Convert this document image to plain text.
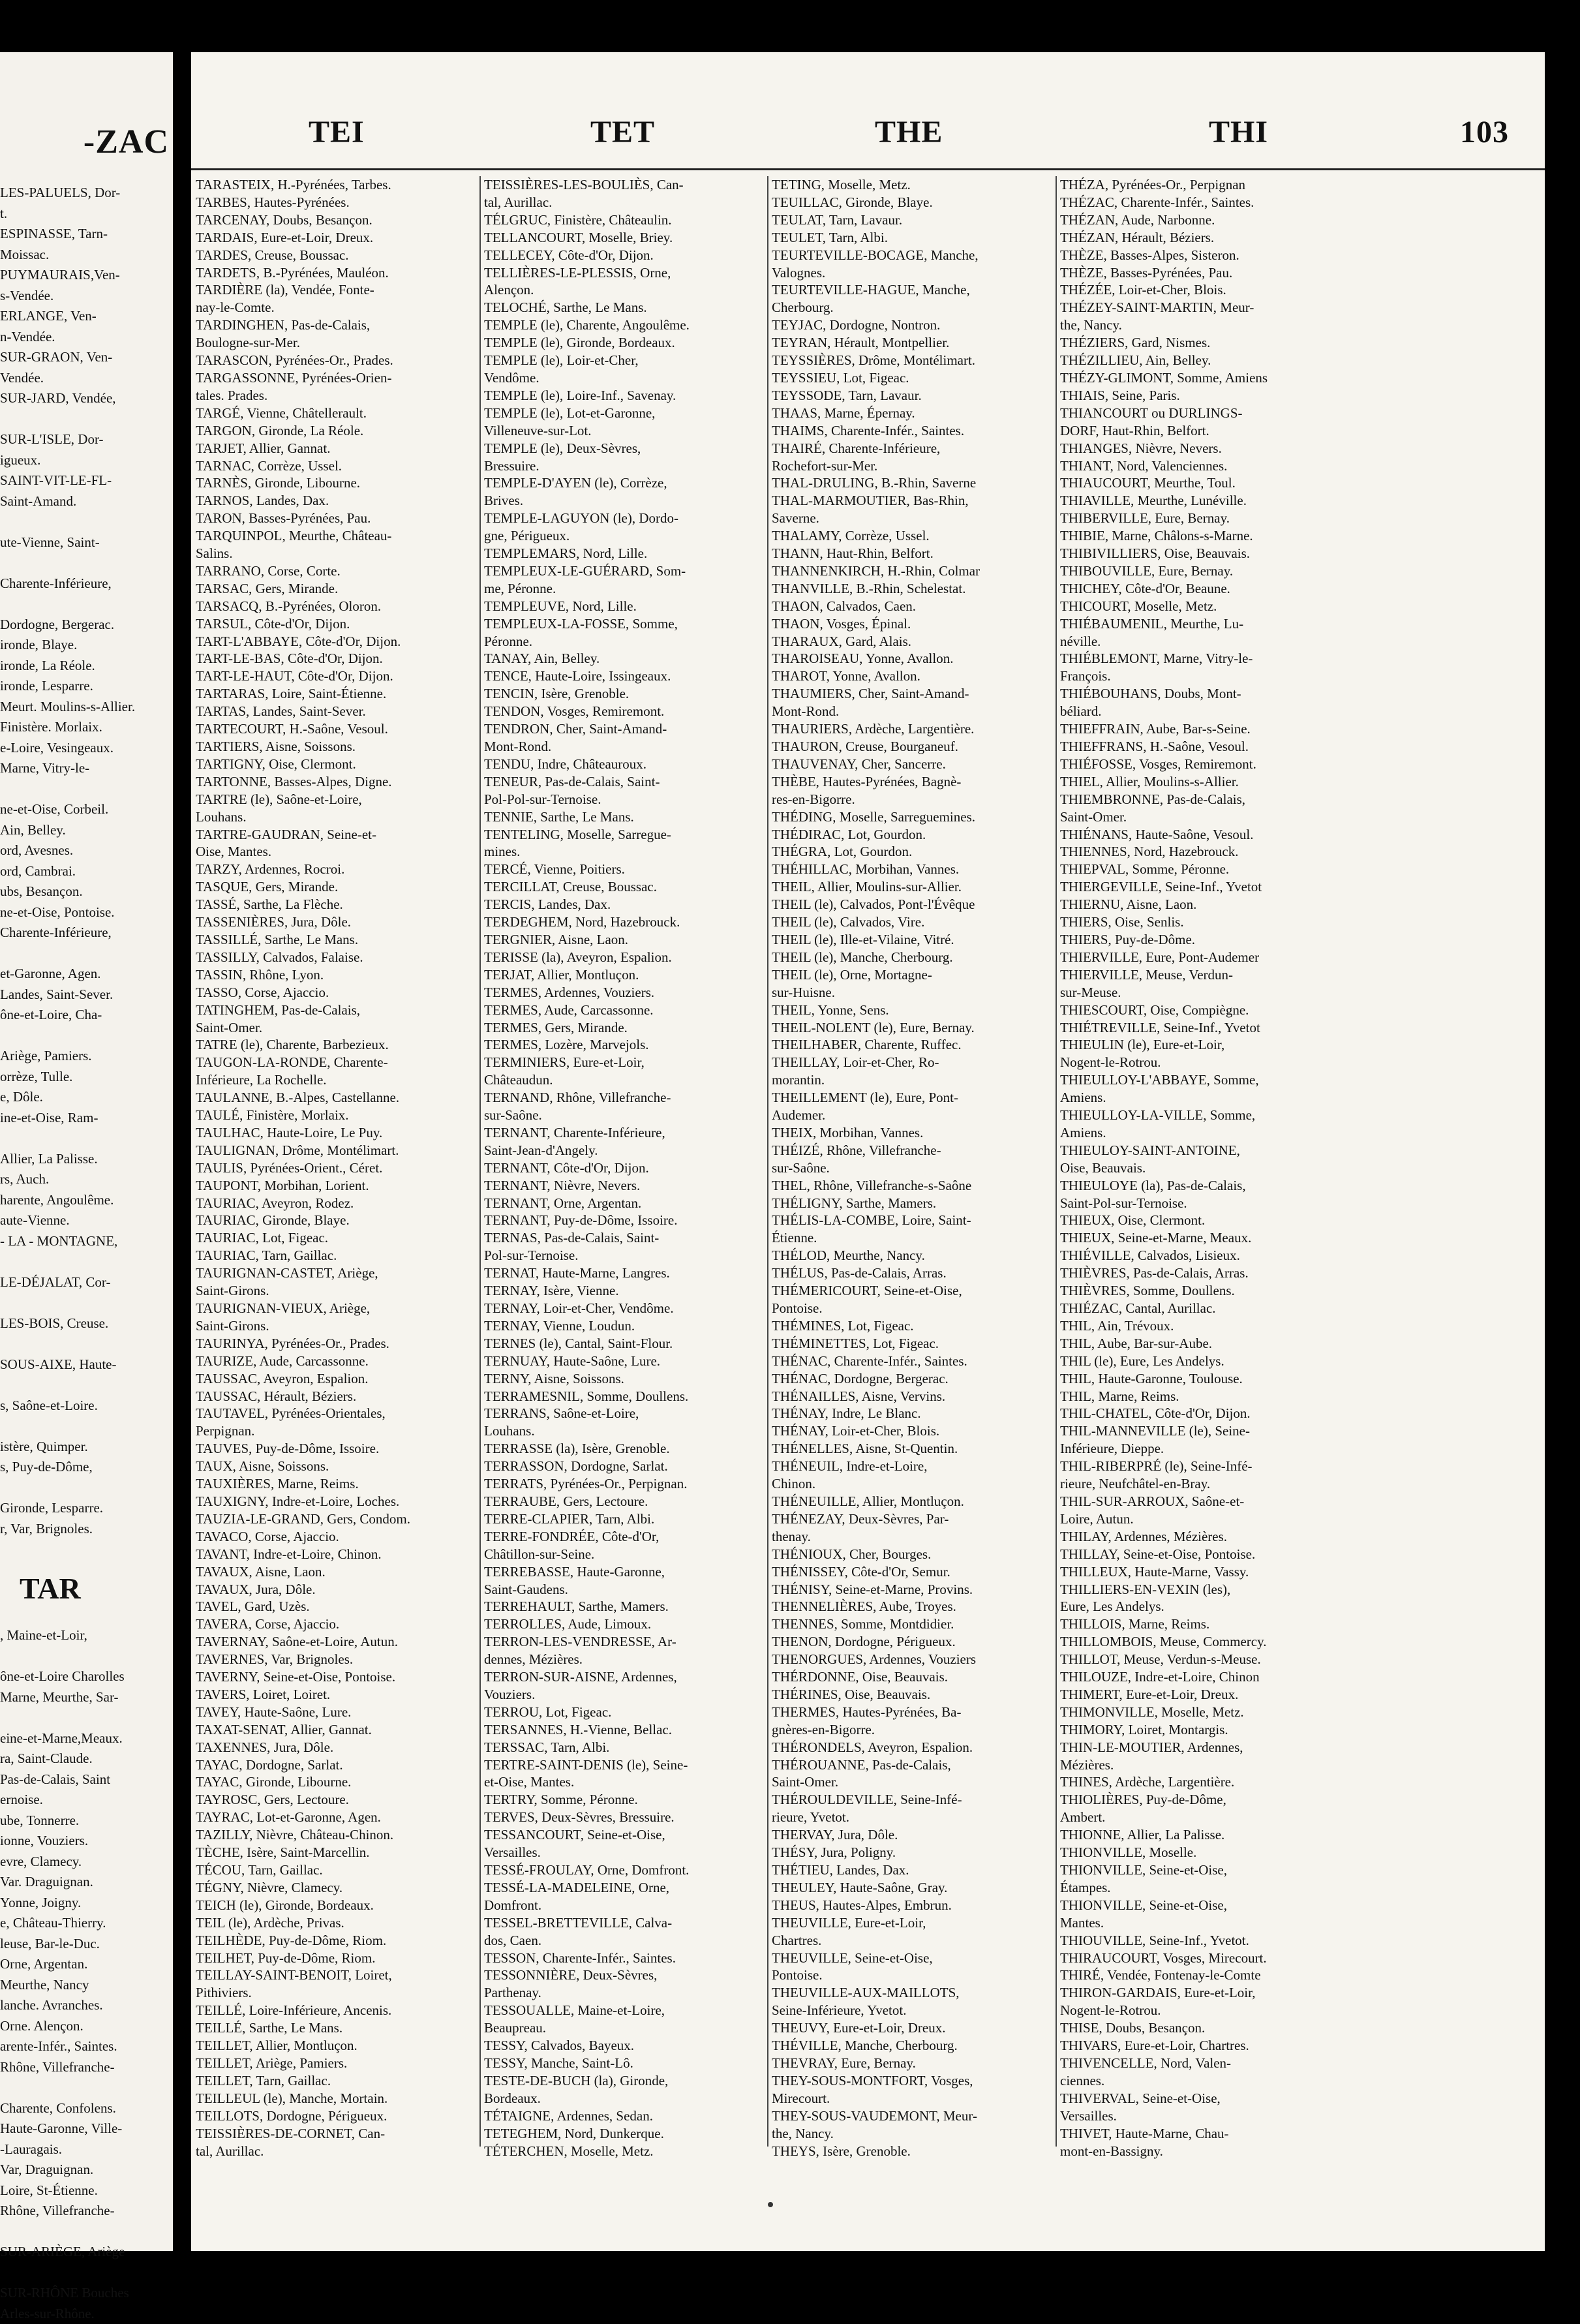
-ZAC
LES-PALUELS, Dor-
t.
ESPINASSE, Tarn-
Moissac.
PUYMAURAIS,Ven-
s-Vendée.
ERLANGE, Ven-
n-Vendée.
SUR-GRAON, Ven-
Vendée.
SUR-JARD, Vendée,
SUR-L'ISLE, Dor-
igueux.
SAINT-VIT-LE-FL-
Saint-Amand.
ute-Vienne, Saint-
Charente-Inférieure,
Dordogne, Bergerac.
ironde, Blaye.
ironde, La Réole.
ironde, Lesparre.
Meurt. Moulins-s-Allier.
Finistère. Morlaix.
e-Loire, Vesingeaux.
Marne, Vitry-le-
ne-et-Oise, Corbeil.
Ain, Belley.
ord, Avesnes.
ord, Cambrai.
ubs, Besançon.
ne-et-Oise, Pontoise.
Charente-Inférieure,
et-Garonne, Agen.
Landes, Saint-Sever.
ône-et-Loire, Cha-
Ariège, Pamiers.
orrèze, Tulle.
e, Dôle.
ine-et-Oise, Ram-
Allier, La Palisse.
rs, Auch.
harente, Angoulême.
aute-Vienne.
- LA - MONTAGNE,
LE-DÉJALAT, Cor-
LES-BOIS, Creuse.
SOUS-AIXE, Haute-
s, Saône-et-Loire.
istère, Quimper.
s, Puy-de-Dôme,
Gironde, Lesparre.
r, Var, Brignoles.
TAR
, Maine-et-Loir,
ône-et-Loire Charolles
Marne, Meurthe, Sar-
eine-et-Marne,Meaux.
ra, Saint-Claude.
Pas-de-Calais, Saint
ernoise.
ube, Tonnerre.
ionne, Vouziers.
evre, Clamecy.
Var. Draguignan.
Yonne, Joigny.
e, Château-Thierry.
leuse, Bar-le-Duc.
Orne, Argentan.
Meurthe, Nancy
lanche. Avranches.
Orne. Alençon.
arente-Infér., Saintes.
Rhône, Villefranche-
Charente, Confolens.
Haute-Garonne, Ville-
-Lauragais.
Var, Draguignan.
Loire, St-Étienne.
Rhône, Villefranche-
SUR-ARIÈGE, Ariège
SUR-RHÔNE Bouches
Arles-sur-Rhône.
TEI	TET	THE	THI	103
TARASTEIX, H.-Pyrénées, Tarbes.
TARBES, Hautes-Pyrénées.
TARCENAY, Doubs, Besançon.
TARDAIS, Eure-et-Loir, Dreux.
TARDES, Creuse, Boussac.
TARDETS, B.-Pyrénées, Mauléon.
TARDIÈRE (la), Vendée, Fonte-
nay-le-Comte.
TARDINGHEN, Pas-de-Calais,
Boulogne-sur-Mer.
TARASCON, Pyrénées-Or., Prades.
TARGASSONNE, Pyrénées-Orien-
tales. Prades.
TARGÉ, Vienne, Châtellerault.
TARGON, Gironde, La Réole.
TARJET, Allier, Gannat.
TARNAC, Corrèze, Ussel.
TARNÈS, Gironde, Libourne.
TARNOS, Landes, Dax.
TARON, Basses-Pyrénées, Pau.
TARQUINPOL, Meurthe, Château-
Salins.
TARRANO, Corse, Corte.
TARSAC, Gers, Mirande.
TARSACQ, B.-Pyrénées, Oloron.
TARSUL, Côte-d'Or, Dijon.
TART-L'ABBAYE, Côte-d'Or, Dijon.
TART-LE-BAS, Côte-d'Or, Dijon.
TART-LE-HAUT, Côte-d'Or, Dijon.
TARTARAS, Loire, Saint-Étienne.
TARTAS, Landes, Saint-Sever.
TARTECOURT, H.-Saône, Vesoul.
TARTIERS, Aisne, Soissons.
TARTIGNY, Oise, Clermont.
TARTONNE, Basses-Alpes, Digne.
TARTRE (le), Saône-et-Loire,
Louhans.
TARTRE-GAUDRAN, Seine-et-
Oise, Mantes.
TARZY, Ardennes, Rocroi.
TASQUE, Gers, Mirande.
TASSÉ, Sarthe, La Flèche.
TASSENIÈRES, Jura, Dôle.
TASSILLÉ, Sarthe, Le Mans.
TASSILLY, Calvados, Falaise.
TASSIN, Rhône, Lyon.
TASSO, Corse, Ajaccio.
TATINGHEM, Pas-de-Calais,
Saint-Omer.
TATRE (le), Charente, Barbezieux.
TAUGON-LA-RONDE, Charente-
Inférieure, La Rochelle.
TAULANNE, B.-Alpes, Castellanne.
TAULÉ, Finistère, Morlaix.
TAULHAC, Haute-Loire, Le Puy.
TAULIGNAN, Drôme, Montélimart.
TAULIS, Pyrénées-Orient., Céret.
TAUPONT, Morbihan, Lorient.
TAURIAC, Aveyron, Rodez.
TAURIAC, Gironde, Blaye.
TAURIAC, Lot, Figeac.
TAURIAC, Tarn, Gaillac.
TAURIGNAN-CASTET, Ariège,
Saint-Girons.
TAURIGNAN-VIEUX, Ariège,
Saint-Girons.
TAURINYA, Pyrénées-Or., Prades.
TAURIZE, Aude, Carcassonne.
TAUSSAC, Aveyron, Espalion.
TAUSSAC, Hérault, Béziers.
TAUTAVEL, Pyrénées-Orientales,
Perpignan.
TAUVES, Puy-de-Dôme, Issoire.
TAUX, Aisne, Soissons.
TAUXIÈRES, Marne, Reims.
TAUXIGNY, Indre-et-Loire, Loches.
TAUZIA-LE-GRAND, Gers, Condom.
TAVACO, Corse, Ajaccio.
TAVANT, Indre-et-Loire, Chinon.
TAVAUX, Aisne, Laon.
TAVAUX, Jura, Dôle.
TAVEL, Gard, Uzès.
TAVERA, Corse, Ajaccio.
TAVERNAY, Saône-et-Loire, Autun.
TAVERNES, Var, Brignoles.
TAVERNY, Seine-et-Oise, Pontoise.
TAVERS, Loiret, Loiret.
TAVEY, Haute-Saône, Lure.
TAXAT-SENAT, Allier, Gannat.
TAXENNES, Jura, Dôle.
TAYAC, Dordogne, Sarlat.
TAYAC, Gironde, Libourne.
TAYROSC, Gers, Lectoure.
TAYRAC, Lot-et-Garonne, Agen.
TAZILLY, Nièvre, Château-Chinon.
TÈCHE, Isère, Saint-Marcellin.
TÉCOU, Tarn, Gaillac.
TÉGNY, Nièvre, Clamecy.
TEICH (le), Gironde, Bordeaux.
TEIL (le), Ardèche, Privas.
TEILHÈDE, Puy-de-Dôme, Riom.
TEILHET, Puy-de-Dôme, Riom.
TEILLAY-SAINT-BENOIT, Loiret,
Pithiviers.
TEILLÉ, Loire-Inférieure, Ancenis.
TEILLÉ, Sarthe, Le Mans.
TEILLET, Allier, Montluçon.
TEILLET, Ariège, Pamiers.
TEILLET, Tarn, Gaillac.
TEILLEUL (le), Manche, Mortain.
TEILLOTS, Dordogne, Périgueux.
TEISSIÈRES-DE-CORNET, Can-
tal, Aurillac.
TEISSIÈRES-LES-BOULIÈS, Can-
tal, Aurillac.
TÉLGRUC, Finistère, Châteaulin.
TELLANCOURT, Moselle, Briey.
TELLECEY, Côte-d'Or, Dijon.
TELLIÈRES-LE-PLESSIS, Orne,
Alençon.
TELOCHÉ, Sarthe, Le Mans.
TEMPLE (le), Charente, Angoulême.
TEMPLE (le), Gironde, Bordeaux.
TEMPLE (le), Loir-et-Cher,
Vendôme.
TEMPLE (le), Loire-Inf., Savenay.
TEMPLE (le), Lot-et-Garonne,
Villeneuve-sur-Lot.
TEMPLE (le), Deux-Sèvres,
Bressuire.
TEMPLE-D'AYEN (le), Corrèze,
Brives.
TEMPLE-LAGUYON (le), Dordo-
gne, Périgueux.
TEMPLEMARS, Nord, Lille.
TEMPLEUX-LE-GUÉRARD, Som-
me, Péronne.
TEMPLEUVE, Nord, Lille.
TEMPLEUX-LA-FOSSE, Somme,
Péronne.
TANAY, Ain, Belley.
TENCE, Haute-Loire, Issingeaux.
TENCIN, Isère, Grenoble.
TENDON, Vosges, Remiremont.
TENDRON, Cher, Saint-Amand-
Mont-Rond.
TENDU, Indre, Châteauroux.
TENEUR, Pas-de-Calais, Saint-
Pol-Pol-sur-Ternoise.
TENNIE, Sarthe, Le Mans.
TENTELING, Moselle, Sarregue-
mines.
TERCÉ, Vienne, Poitiers.
TERCILLAT, Creuse, Boussac.
TERCIS, Landes, Dax.
TERDEGHEM, Nord, Hazebrouck.
TERGNIER, Aisne, Laon.
TERISSE (la), Aveyron, Espalion.
TERJAT, Allier, Montluçon.
TERMES, Ardennes, Vouziers.
TERMES, Aude, Carcassonne.
TERMES, Gers, Mirande.
TERMES, Lozère, Marvejols.
TERMINIERS, Eure-et-Loir,
Châteaudun.
TERNAND, Rhône, Villefranche-
sur-Saône.
TERNANT, Charente-Inférieure,
Saint-Jean-d'Angely.
TERNANT, Côte-d'Or, Dijon.
TERNANT, Nièvre, Nevers.
TERNANT, Orne, Argentan.
TERNANT, Puy-de-Dôme, Issoire.
TERNAS, Pas-de-Calais, Saint-
Pol-sur-Ternoise.
TERNAT, Haute-Marne, Langres.
TERNAY, Isère, Vienne.
TERNAY, Loir-et-Cher, Vendôme.
TERNAY, Vienne, Loudun.
TERNES (le), Cantal, Saint-Flour.
TERNUAY, Haute-Saône, Lure.
TERNY, Aisne, Soissons.
TERRAMESNIL, Somme, Doullens.
TERRANS, Saône-et-Loire,
Louhans.
TERRASSE (la), Isère, Grenoble.
TERRASSON, Dordogne, Sarlat.
TERRATS, Pyrénées-Or., Perpignan.
TERRAUBE, Gers, Lectoure.
TERRE-CLAPIER, Tarn, Albi.
TERRE-FONDRÉE, Côte-d'Or,
Châtillon-sur-Seine.
TERREBASSE, Haute-Garonne,
Saint-Gaudens.
TERREHAULT, Sarthe, Mamers.
TERROLLES, Aude, Limoux.
TERRON-LES-VENDRESSE, Ar-
dennes, Mézières.
TERRON-SUR-AISNE, Ardennes,
Vouziers.
TERROU, Lot, Figeac.
TERSANNES, H.-Vienne, Bellac.
TERSSAC, Tarn, Albi.
TERTRE-SAINT-DENIS (le), Seine-
et-Oise, Mantes.
TERTRY, Somme, Péronne.
TERVES, Deux-Sèvres, Bressuire.
TESSANCOURT, Seine-et-Oise,
Versailles.
TESSÉ-FROULAY, Orne, Domfront.
TESSÉ-LA-MADELEINE, Orne,
Domfront.
TESSEL-BRETTEVILLE, Calva-
dos, Caen.
TESSON, Charente-Infér., Saintes.
TESSONNIÈRE, Deux-Sèvres,
Parthenay.
TESSOUALLE, Maine-et-Loire,
Beaupreau.
TESSY, Calvados, Bayeux.
TESSY, Manche, Saint-Lô.
TESTE-DE-BUCH (la), Gironde,
Bordeaux.
TÉTAIGNE, Ardennes, Sedan.
TETEGHEM, Nord, Dunkerque.
TÉTERCHEN, Moselle, Metz.
TETING, Moselle, Metz.
TEUILLAC, Gironde, Blaye.
TEULAT, Tarn, Lavaur.
TEULET, Tarn, Albi.
TEURTEVILLE-BOCAGE, Manche,
Valognes.
TEURTEVILLE-HAGUE, Manche,
Cherbourg.
TEYJAC, Dordogne, Nontron.
TEYRAN, Hérault, Montpellier.
TEYSSIÈRES, Drôme, Montélimart.
TEYSSIEU, Lot, Figeac.
TEYSSODE, Tarn, Lavaur.
THAAS, Marne, Épernay.
THAIMS, Charente-Infér., Saintes.
THAIRÉ, Charente-Inférieure,
Rochefort-sur-Mer.
THAL-DRULING, B.-Rhin, Saverne
THAL-MARMOUTIER, Bas-Rhin,
Saverne.
THALAMY, Corrèze, Ussel.
THANN, Haut-Rhin, Belfort.
THANNENKIRCH, H.-Rhin, Colmar
THANVILLE, B.-Rhin, Schelestat.
THAON, Calvados, Caen.
THAON, Vosges, Épinal.
THARAUX, Gard, Alais.
THAROISEAU, Yonne, Avallon.
THAROT, Yonne, Avallon.
THAUMIERS, Cher, Saint-Amand-
Mont-Rond.
THAURIERS, Ardèche, Largentière.
THAURON, Creuse, Bourganeuf.
THAUVENAY, Cher, Sancerre.
THÈBE, Hautes-Pyrénées, Bagnè-
res-en-Bigorre.
THÉDING, Moselle, Sarreguemines.
THÉDIRAC, Lot, Gourdon.
THÉGRA, Lot, Gourdon.
THÉHILLAC, Morbihan, Vannes.
THEIL, Allier, Moulins-sur-Allier.
THEIL (le), Calvados, Pont-l'Évêque
THEIL (le), Calvados, Vire.
THEIL (le), Ille-et-Vilaine, Vitré.
THEIL (le), Manche, Cherbourg.
THEIL (le), Orne, Mortagne-
sur-Huisne.
THEIL, Yonne, Sens.
THEIL-NOLENT (le), Eure, Bernay.
THEILHABER, Charente, Ruffec.
THEILLAY, Loir-et-Cher, Ro-
morantin.
THEILLEMENT (le), Eure, Pont-
Audemer.
THEIX, Morbihan, Vannes.
THÉIZÉ, Rhône, Villefranche-
sur-Saône.
THEL, Rhône, Villefranche-s-Saône
THÉLIGNY, Sarthe, Mamers.
THÉLIS-LA-COMBE, Loire, Saint-
Étienne.
THÉLOD, Meurthe, Nancy.
THÉLUS, Pas-de-Calais, Arras.
THÉMERICOURT, Seine-et-Oise,
Pontoise.
THÉMINES, Lot, Figeac.
THÉMINETTES, Lot, Figeac.
THÉNAC, Charente-Infér., Saintes.
THÉNAC, Dordogne, Bergerac.
THÉNAILLES, Aisne, Vervins.
THÉNAY, Indre, Le Blanc.
THÉNAY, Loir-et-Cher, Blois.
THÉNELLES, Aisne, St-Quentin.
THÉNEUIL, Indre-et-Loire,
Chinon.
THÉNEUILLE, Allier, Montluçon.
THÉNEZAY, Deux-Sèvres, Par-
thenay.
THÉNIOUX, Cher, Bourges.
THÉNISSEY, Côte-d'Or, Semur.
THÉNISY, Seine-et-Marne, Provins.
THENNELIÈRES, Aube, Troyes.
THENNES, Somme, Montdidier.
THENON, Dordogne, Périgueux.
THENORGUES, Ardennes, Vouziers
THÉRDONNE, Oise, Beauvais.
THÉRINES, Oise, Beauvais.
THERMES, Hautes-Pyrénées, Ba-
gnères-en-Bigorre.
THÉRONDELS, Aveyron, Espalion.
THÉROUANNE, Pas-de-Calais,
Saint-Omer.
THÉROULDEVILLE, Seine-Infé-
rieure, Yvetot.
THERVAY, Jura, Dôle.
THÉSY, Jura, Poligny.
THÉTIEU, Landes, Dax.
THEULEY, Haute-Saône, Gray.
THEUS, Hautes-Alpes, Embrun.
THEUVILLE, Eure-et-Loir,
Chartres.
THEUVILLE, Seine-et-Oise,
Pontoise.
THEUVILLE-AUX-MAILLOTS,
Seine-Inférieure, Yvetot.
THEUVY, Eure-et-Loir, Dreux.
THÉVILLE, Manche, Cherbourg.
THEVRAY, Eure, Bernay.
THEY-SOUS-MONTFORT, Vosges,
Mirecourt.
THEY-SOUS-VAUDEMONT, Meur-
the, Nancy.
THEYS, Isère, Grenoble.
THÉZA, Pyrénées-Or., Perpignan
THÉZAC, Charente-Infér., Saintes.
THÉZAN, Aude, Narbonne.
THÉZAN, Hérault, Béziers.
THÈZE, Basses-Alpes, Sisteron.
THÈZE, Basses-Pyrénées, Pau.
THÉZÉE, Loir-et-Cher, Blois.
THÉZEY-SAINT-MARTIN, Meur-
the, Nancy.
THÉZIERS, Gard, Nismes.
THÉZILLIEU, Ain, Belley.
THÉZY-GLIMONT, Somme, Amiens
THIAIS, Seine, Paris.
THIANCOURT ou DURLINGS-
DORF, Haut-Rhin, Belfort.
THIANGES, Nièvre, Nevers.
THIANT, Nord, Valenciennes.
THIAUCOURT, Meurthe, Toul.
THIAVILLE, Meurthe, Lunéville.
THIBERVILLE, Eure, Bernay.
THIBIE, Marne, Châlons-s-Marne.
THIBIVILLIERS, Oise, Beauvais.
THIBOUVILLE, Eure, Bernay.
THICHEY, Côte-d'Or, Beaune.
THICOURT, Moselle, Metz.
THIÉBAUMENIL, Meurthe, Lu-
néville.
THIÉBLEMONT, Marne, Vitry-le-
François.
THIÉBOUHANS, Doubs, Mont-
béliard.
THIEFFRAIN, Aube, Bar-s-Seine.
THIEFFRANS, H.-Saône, Vesoul.
THIÉFOSSE, Vosges, Remiremont.
THIEL, Allier, Moulins-s-Allier.
THIEMBRONNE, Pas-de-Calais,
Saint-Omer.
THIÉNANS, Haute-Saône, Vesoul.
THIENNES, Nord, Hazebrouck.
THIEPVAL, Somme, Péronne.
THIERGEVILLE, Seine-Inf., Yvetot
THIERNU, Aisne, Laon.
THIERS, Oise, Senlis.
THIERS, Puy-de-Dôme.
THIERVILLE, Eure, Pont-Audemer
THIERVILLE, Meuse, Verdun-
sur-Meuse.
THIESCOURT, Oise, Compiègne.
THIÉTREVILLE, Seine-Inf., Yvetot
THIEULIN (le), Eure-et-Loir,
Nogent-le-Rotrou.
THIEULLOY-L'ABBAYE, Somme,
Amiens.
THIEULLOY-LA-VILLE, Somme,
Amiens.
THIEULOY-SAINT-ANTOINE,
Oise, Beauvais.
THIEULOYE (la), Pas-de-Calais,
Saint-Pol-sur-Ternoise.
THIEUX, Oise, Clermont.
THIEUX, Seine-et-Marne, Meaux.
THIÉVILLE, Calvados, Lisieux.
THIÈVRES, Pas-de-Calais, Arras.
THIÈVRES, Somme, Doullens.
THIÉZAC, Cantal, Aurillac.
THIL, Ain, Trévoux.
THIL, Aube, Bar-sur-Aube.
THIL (le), Eure, Les Andelys.
THIL, Haute-Garonne, Toulouse.
THIL, Marne, Reims.
THIL-CHATEL, Côte-d'Or, Dijon.
THIL-MANNEVILLE (le), Seine-
Inférieure, Dieppe.
THIL-RIBERPRÉ (le), Seine-Infé-
rieure, Neufchâtel-en-Bray.
THIL-SUR-ARROUX, Saône-et-
Loire, Autun.
THILAY, Ardennes, Mézières.
THILLAY, Seine-et-Oise, Pontoise.
THILLEUX, Haute-Marne, Vassy.
THILLIERS-EN-VEXIN (les),
Eure, Les Andelys.
THILLOIS, Marne, Reims.
THILLOMBOIS, Meuse, Commercy.
THILLOT, Meuse, Verdun-s-Meuse.
THILOUZE, Indre-et-Loire, Chinon
THIMERT, Eure-et-Loir, Dreux.
THIMONVILLE, Moselle, Metz.
THIMORY, Loiret, Montargis.
THIN-LE-MOUTIER, Ardennes,
Mézières.
THINES, Ardèche, Largentière.
THIOLIÈRES, Puy-de-Dôme,
Ambert.
THIONNE, Allier, La Palisse.
THIONVILLE, Moselle.
THIONVILLE, Seine-et-Oise,
Étampes.
THIONVILLE, Seine-et-Oise,
Mantes.
THIOUVILLE, Seine-Inf., Yvetot.
THIRAUCOURT, Vosges, Mirecourt.
THIRÉ, Vendée, Fontenay-le-Comte
THIRON-GARDAIS, Eure-et-Loir,
Nogent-le-Rotrou.
THISE, Doubs, Besançon.
THIVARS, Eure-et-Loir, Chartres.
THIVENCELLE, Nord, Valen-
ciennes.
THIVERVAL, Seine-et-Oise,
Versailles.
THIVET, Haute-Marne, Chau-
mont-en-Bassigny.
